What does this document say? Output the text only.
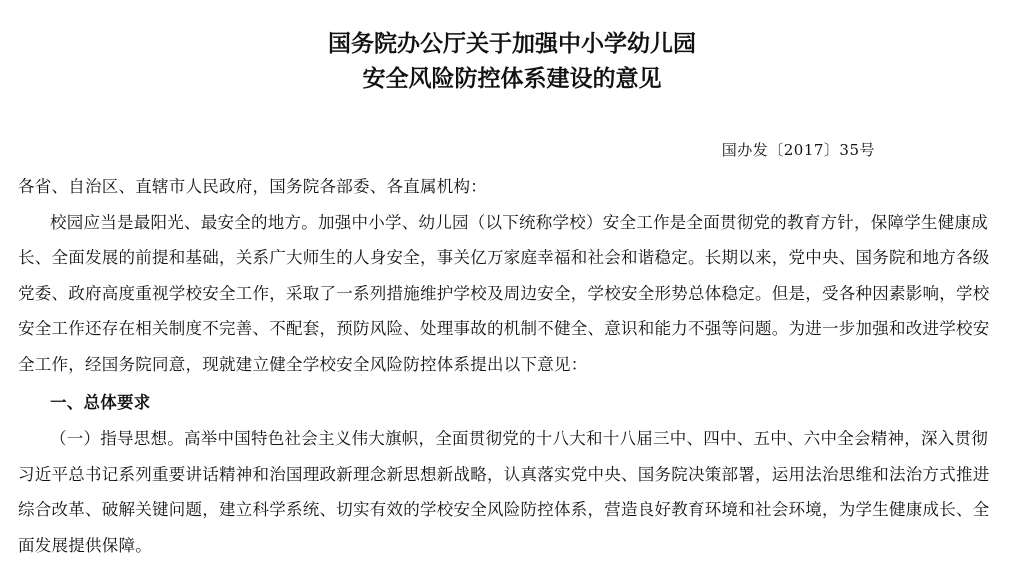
国务院办公厅关于加强中小学幼儿园
安全风险防控体系建设的意见
国办发〔2017〕35号

各省、自治区、直辖市人民政府，国务院各部委、各直属机构：

校园应当是最阳光、最安全的地方。加强中小学、幼儿园（以下统称学校）安全工作是全面贯彻党的教育方针，保障学生健康成

长、全面发展的前提和基础，关系广大师生的人身安全，事关亿万家庭幸福和社会和谐稳定。长期以来，党中央、国务院和地方各级

党委、政府高度重视学校安全工作，采取了一系列措施维护学校及周边安全，学校安全形势总体稳定。但是，受各种因素影响，学校

安全工作还存在相关制度不完善、不配套，预防风险、处理事故的机制不健全、意识和能力不强等问题。为进一步加强和改进学校安

全工作，经国务院同意，现就建立健全学校安全风险防控体系提出以下意见：

一、总体要求

（一）指导思想。高举中国特色社会主义伟大旗帜，全面贯彻党的十八大和十八届三中、四中、五中、六中全会精神，深入贯彻

习近平总书记系列重要讲话精神和治国理政新理念新思想新战略，认真落实党中央、国务院决策部署，运用法治思维和法治方式推进

综合改革、破解关键问题，建立科学系统、切实有效的学校安全风险防控体系，营造良好教育环境和社会环境，为学生健康成长、全

面发展提供保障。
